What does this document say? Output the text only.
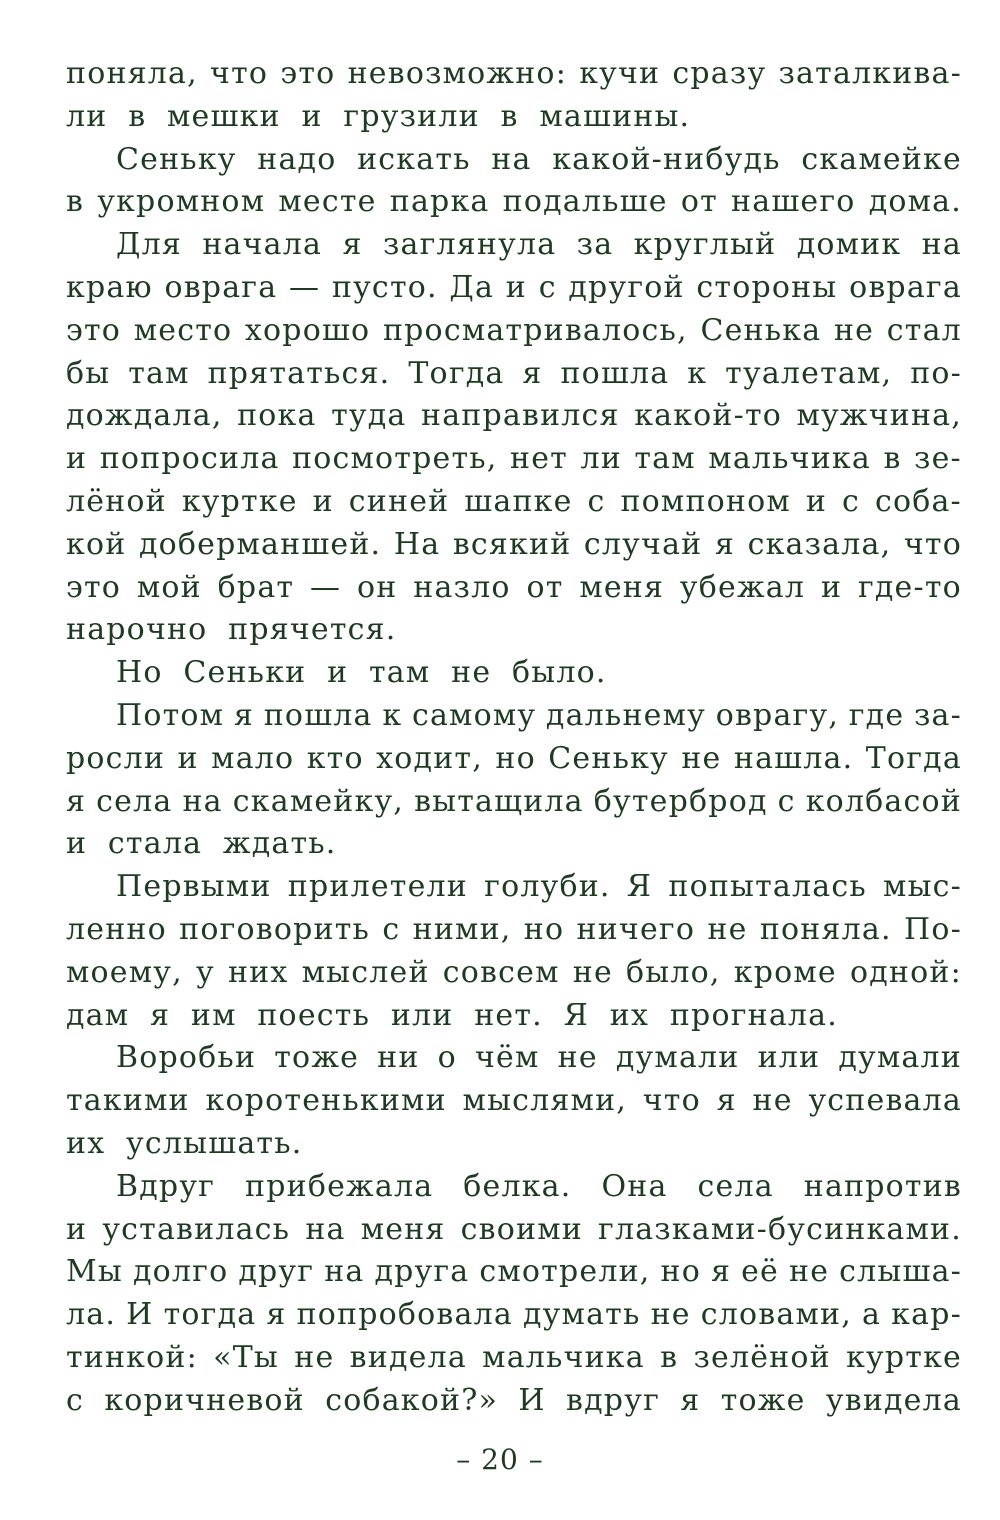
поняла, что это невозможно: кучи сразу заталкива-
ли в мешки и грузили в машины.
Сеньку надо искать на какой-нибудь скамейке
в укромном месте парка подальше от нашего дома.
Для начала я заглянула за круглый домик на
краю оврага — пусто. Да и с другой стороны оврага
это место хорошо просматривалось, Сенька не стал
бы там прятаться. Тогда я пошла к туалетам, по-
дождала, пока туда направился какой-то мужчина,
и попросила посмотреть, нет ли там мальчика в зе-
лёной куртке и синей шапке с помпоном и с соба-
кой доберманшей. На всякий случай я сказала, что
это мой брат — он назло от меня убежал и где-то
нарочно прячется.
Но Сеньки и там не было.
Потом я пошла к самому дальнему оврагу, где за-
росли и мало кто ходит, но Сеньку не нашла. Тогда
я села на скамейку, вытащила бутерброд с колбасой
и стала ждать.
Первыми прилетели голуби. Я попыталась мыс-
ленно поговорить с ними, но ничего не поняла. По-
моему, у них мыслей совсем не было, кроме одной:
дам я им поесть или нет. Я их прогнала.
Воробьи тоже ни о чём не думали или думали
такими коротенькими мыслями, что я не успевала
их услышать.
Вдруг прибежала белка. Она села напротив
и уставилась на меня своими глазками-бусинками.
Мы долго друг на друга смотрели, но я её не слыша-
ла. И тогда я попробовала думать не словами, а кар-
тинкой: «Ты не видела мальчика в зелёной куртке
с коричневой собакой?» И вдруг я тоже увидела
– 20 –
